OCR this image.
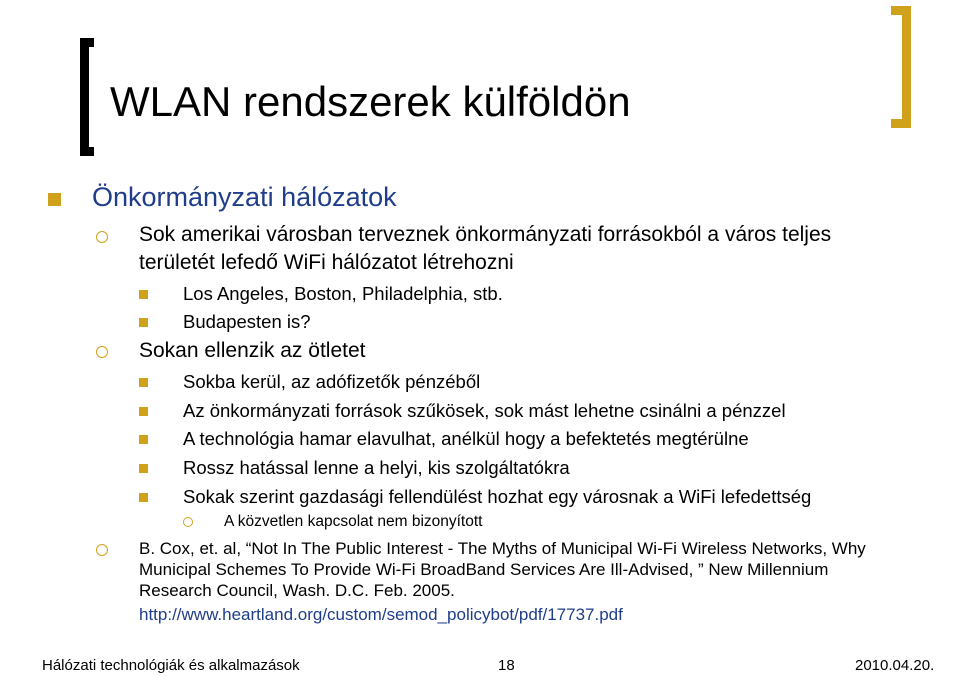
WLAN rendszerek külföldön
Önkormányzati hálózatok
Sok amerikai városban terveznek önkormányzati forrásokból a város teljes
területét lefedő WiFi hálózatot létrehozni
Los Angeles, Boston, Philadelphia, stb.
Budapesten is?
Sokan ellenzik az ötletet
Sokba kerül, az adófizetők pénzéből
Az önkormányzati források szűkösek, sok mást lehetne csinálni a pénzzel
A technológia hamar elavulhat, anélkül hogy a befektetés megtérülne
Rossz hatással lenne a helyi, kis szolgáltatókra
Sokak szerint gazdasági fellendülést hozhat egy városnak a WiFi lefedettség
A közvetlen kapcsolat nem bizonyított
B. Cox, et. al, “Not In The Public Interest - The Myths of Municipal Wi-Fi Wireless Networks, Why
Municipal Schemes To Provide Wi-Fi BroadBand Services Are Ill-Advised, ” New Millennium
Research Council, Wash. D.C. Feb. 2005.
http://www.heartland.org/custom/semod_policybot/pdf/17737.pdf
Hálózati technológiák és alkalmazások	18	2010.04.20.
